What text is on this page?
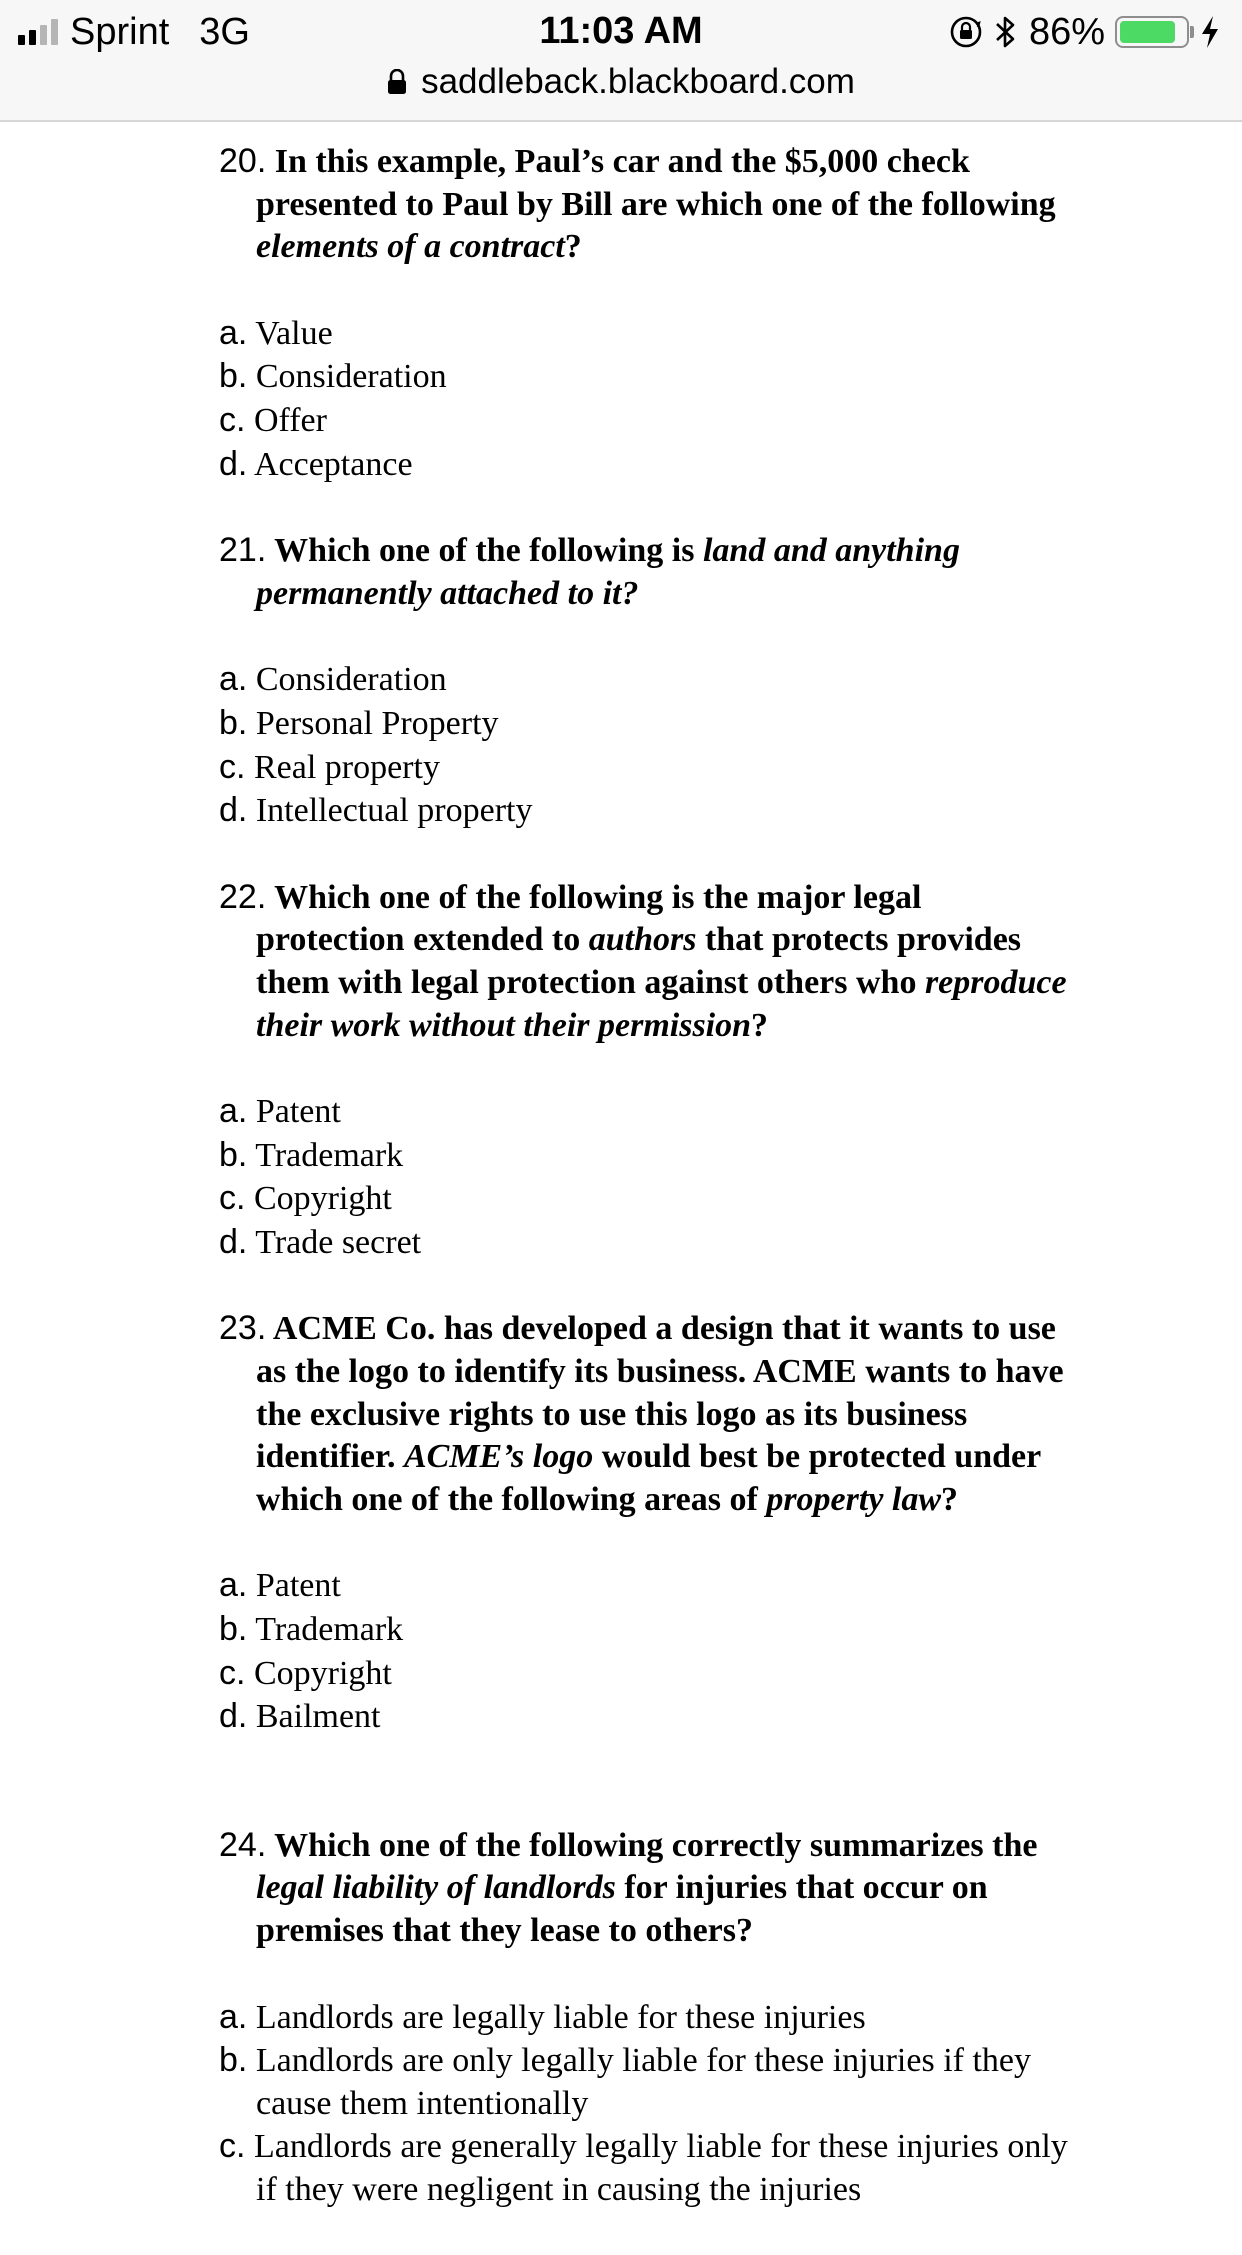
Sprint 3G	11:03 AM	86%
saddleback.blackboard.com

20. In this example, Paul’s car and the $5,000 check presented to Paul by Bill are which one of the following elements of a contract?

a. Value
b. Consideration
c. Offer
d. Acceptance

21. Which one of the following is land and anything permanently attached to it?

a. Consideration
b. Personal Property
c. Real property
d. Intellectual property

22. Which one of the following is the major legal protection extended to authors that protects provides them with legal protection against others who reproduce their work without their permission?

a. Patent
b. Trademark
c. Copyright
d. Trade secret

23. ACME Co. has developed a design that it wants to use as the logo to identify its business. ACME wants to have the exclusive rights to use this logo as its business identifier. ACME’s logo would best be protected under which one of the following areas of property law?

a. Patent
b. Trademark
c. Copyright
d. Bailment

24. Which one of the following correctly summarizes the legal liability of landlords for injuries that occur on premises that they lease to others?

a. Landlords are legally liable for these injuries
b. Landlords are only legally liable for these injuries if they cause them intentionally
c. Landlords are generally legally liable for these injuries only if they were negligent in causing the injuries
